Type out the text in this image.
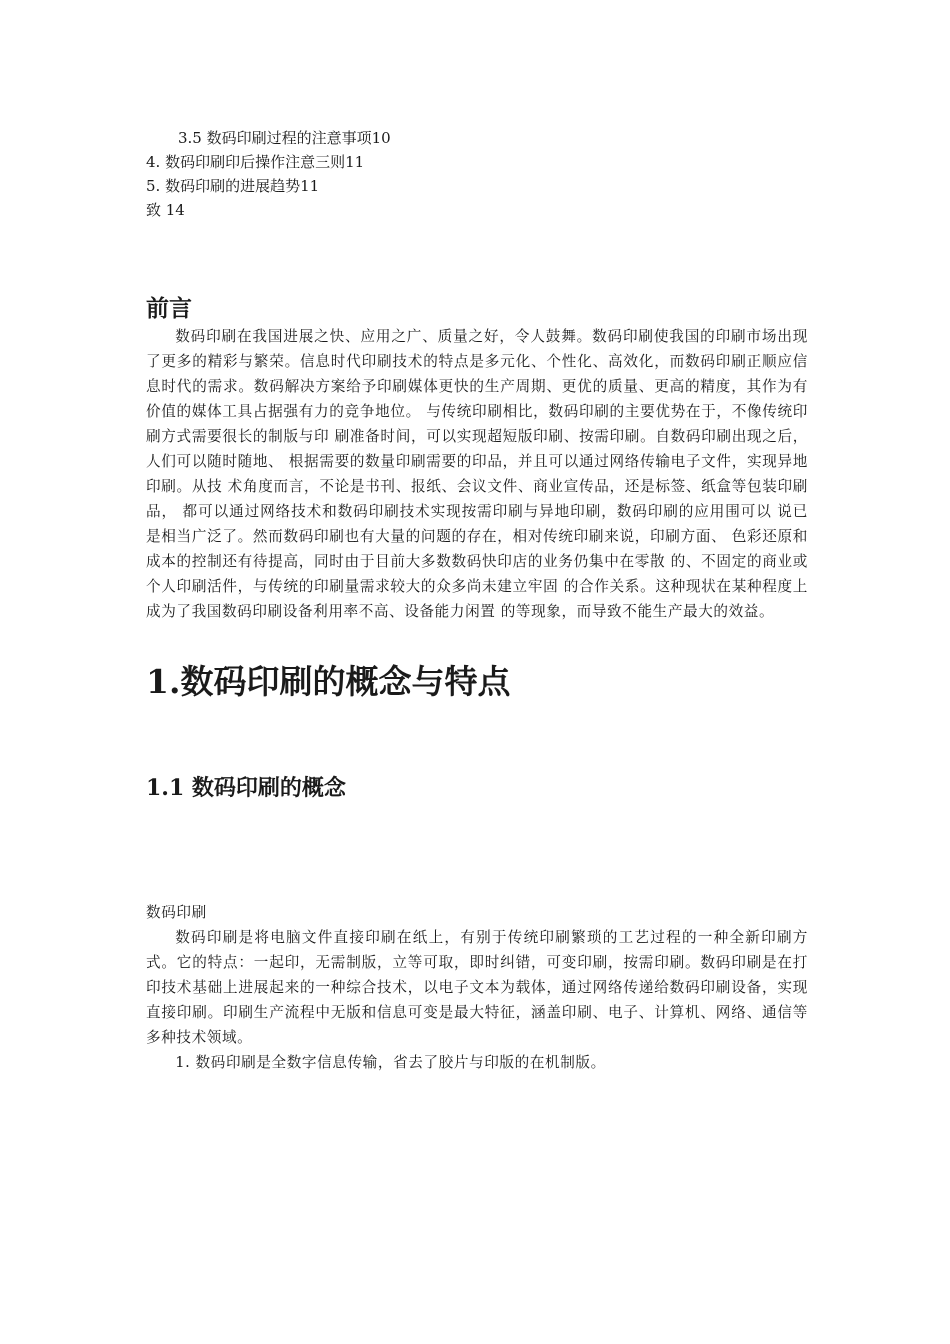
3.5 数码印刷过程的注意事项10
4. 数码印刷印后操作注意三则11
5. 数码印刷的进展趋势11
致 14
前言

数码印刷在我国进展之快、应用之广、质量之好，令人鼓舞。数码印刷使我国的印刷市场出现了更多的精彩与繁荣。信息时代印刷技术的特点是多元化、个性化、高效化，而数码印刷正顺应信息时代的需求。数码解决方案给予印刷媒体更快的生产周期、更优的质量、更高的精度，其作为有价值的媒体工具占据强有力的竞争地位。 与传统印刷相比，数码印刷的主要优势在于，不像传统印刷方式需要很长的制版与印 刷准备时间，可以实现超短版印刷、按需印刷。自数码印刷出现之后，人们可以随时随地、 根据需要的数量印刷需要的印品，并且可以通过网络传输电子文件，实现异地印刷。从技 术角度而言，不论是书刊、报纸、会议文件、商业宣传品，还是标签、纸盒等包装印刷品， 都可以通过网络技术和数码印刷技术实现按需印刷与异地印刷，数码印刷的应用围可以 说已是相当广泛了。然而数码印刷也有大量的问题的存在，相对传统印刷来说，印刷方面、 色彩还原和成本的控制还有待提高，同时由于目前大多数数码快印店的业务仍集中在零散 的、不固定的商业或个人印刷活件，与传统的印刷量需求较大的众多尚未建立牢固 的合作关系。这种现状在某种程度上成为了我国数码印刷设备利用率不高、设备能力闲置 的等现象，而导致不能生产最大的效益。

1.数码印刷的概念与特点
1.1 数码印刷的概念
数码印刷

数码印刷是将电脑文件直接印刷在纸上，有别于传统印刷繁琐的工艺过程的一种全新印刷方式。它的特点：一起印，无需制版，立等可取，即时纠错，可变印刷，按需印刷。数码印刷是在打印技术基础上进展起来的一种综合技术，以电子文本为载体，通过网络传递给数码印刷设备，实现直接印刷。印刷生产流程中无版和信息可变是最大特征，涵盖印刷、电子、计算机、网络、通信等多种技术领域。

1. 数码印刷是全数字信息传输，省去了胶片与印版的在机制版。
